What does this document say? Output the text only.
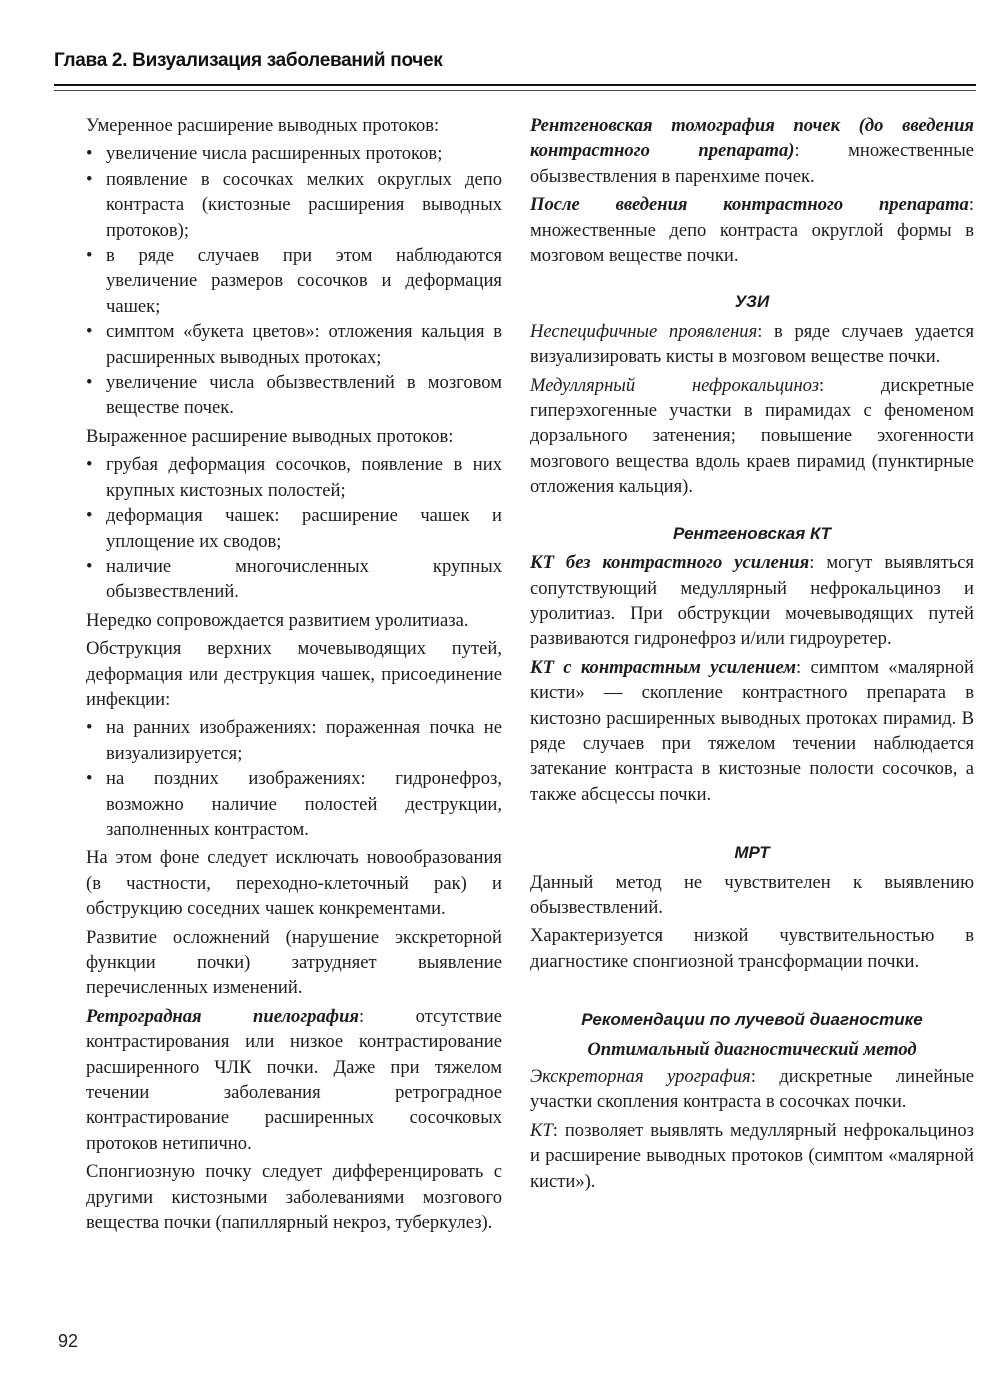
Глава 2. Визуализация заболеваний почек

Умеренное расширение выводных протоков:

• увеличение числа расширенных протоков;
• появление в сосочках мелких округлых депо контраста (кистозные расширения выводных протоков);
• в ряде случаев при этом наблюдаются увеличение размеров сосочков и деформация чашек;
• симптом «букета цветов»: отложения кальция в расширенных выводных протоках;
• увеличение числа обызвествлений в мозговом веществе почек.

Выраженное расширение выводных протоков:

• грубая деформация сосочков, появление в них крупных кистозных полостей;
• деформация чашек: расширение чашек и уплощение их сводов;
• наличие многочисленных крупных обызвествлений.

Нередко сопровождается развитием уролитиаза.

Обструкция верхних мочевыводящих путей, деформация или деструкция чашек, присоединение инфекции:

• на ранних изображениях: пораженная почка не визуализируется;
• на поздних изображениях: гидронефроз, возможно наличие полостей деструкции, заполненных контрастом.

На этом фоне следует исключать новообразования (в частности, переходно-клеточный рак) и обструкцию соседних чашек конкрементами.

Развитие осложнений (нарушение экскреторной функции почки) затрудняет выявление перечисленных изменений.

Ретроградная пиелография: отсутствие контрастирования или низкое контрастирование расширенного ЧЛК почки. Даже при тяжелом течении заболевания ретроградное контрастирование расширенных сосочковых протоков нетипично.

Спонгиозную почку следует дифференцировать с другими кистозными заболеваниями мозгового вещества почки (папиллярный некроз, туберкулез).

Рентгеновская томография почек (до введения контрастного препарата): множественные обызвествления в паренхиме почек.

После введения контрастного препарата: множественные депо контраста округлой формы в мозговом веществе почки.

УЗИ

Неспецифичные проявления: в ряде случаев удается визуализировать кисты в мозговом веществе почки.

Медуллярный нефрокальциноз: дискретные гиперэхогенные участки в пирамидах с феноменом дорзального затенения; повышение эхогенности мозгового вещества вдоль краев пирамид (пунктирные отложения кальция).

Рентгеновская КТ

КТ без контрастного усиления: могут выявляться сопутствующий медуллярный нефрокальциноз и уролитиаз. При обструкции мочевыводящих путей развиваются гидронефроз и/или гидроуретер.

КТ с контрастным усилением: симптом «малярной кисти» — скопление контрастного препарата в кистозно расширенных выводных протоках пирамид. В ряде случаев при тяжелом течении наблюдается затекание контраста в кистозные полости сосочков, а также абсцессы почки.

МРТ

Данный метод не чувствителен к выявлению обызвествлений.

Характеризуется низкой чувствительностью в диагностике спонгиозной трансформации почки.

Рекомендации по лучевой диагностике
Оптимальный диагностический метод

Экскреторная урография: дискретные линейные участки скопления контраста в сосочках почки.

КТ: позволяет выявлять медуллярный нефрокальциноз и расширение выводных протоков (симптом «малярной кисти»).

92
